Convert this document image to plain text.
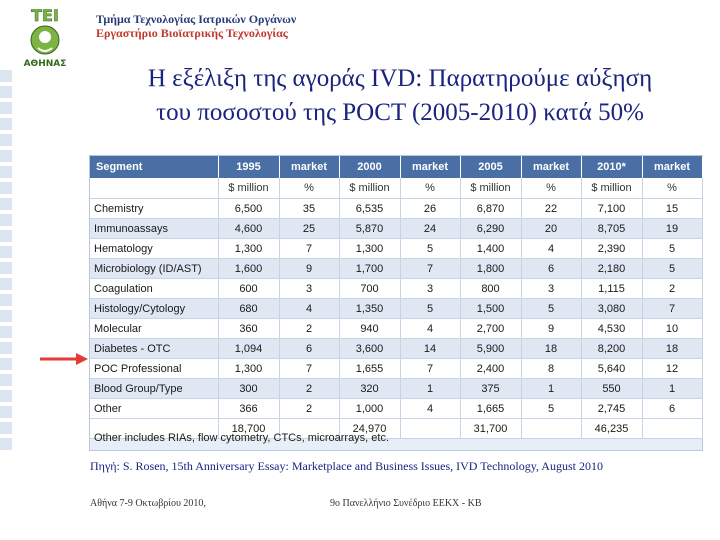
ΤΕΙ
ΑΘΗΝΑΣ
Τμήμα Τεχνολογίας Ιατρικών Οργάνων
Εργαστήριο Βιοϊατρικής Τεχνολογίας
Η εξέλιξη της αγοράς IVD: Παρατηρούμε αύξηση
του ποσοστού της POCT (2005-2010) κατά 50%
Segment	1995	market	2000	market	2005	market	2010*	market
	$ million	%	$ million	%	$ million	%	$ million	%
Chemistry	6,500	35	6,535	26	6,870	22	7,100	15
Immunoassays	4,600	25	5,870	24	6,290	20	8,705	19
Hematology	1,300	7	1,300	5	1,400	4	2,390	5
Microbiology (ID/AST)	1,600	9	1,700	7	1,800	6	2,180	5
Coagulation	600	3	700	3	800	3	1,115	2
Histology/Cytology	680	4	1,350	5	1,500	5	3,080	7
Molecular	360	2	940	4	2,700	9	4,530	10
Diabetes - OTC	1,094	6	3,600	14	5,900	18	8,200	18
POC Professional	1,300	7	1,655	7	2,400	8	5,640	12
Blood Group/Type	300	2	320	1	375	1	550	1
Other	366	2	1,000	4	1,665	5	2,745	6
	18,700		24,970		31,700		46,235	
Other includes RIAs, flow cytometry, CTCs, microarrays, etc.
Πηγή: S. Rosen, 15th Anniversary Essay: Marketplace and Business Issues, IVD Technology, August 2010
Αθήνα 7-9 Οκτωβρίου 2010,	9ο Πανελλήνιο Συνέδριο ΕΕΚΧ - ΚΒ
